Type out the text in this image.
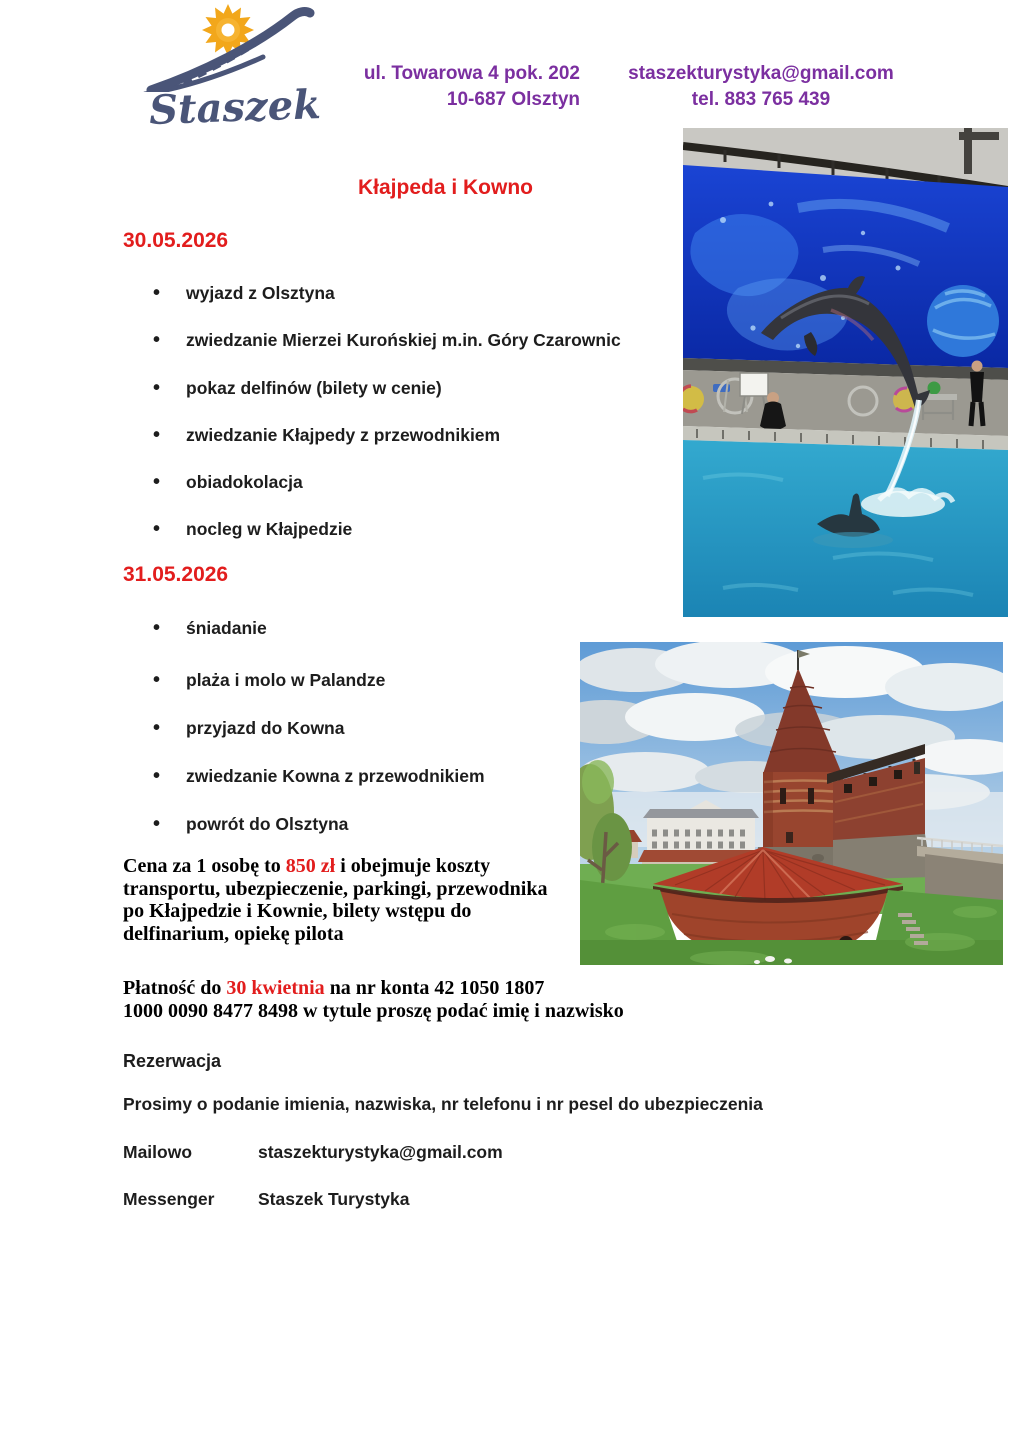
Staszek
ul. Towarowa 4 pok. 202
10-687 Olsztyn
staszekturystyka@gmail.com
tel. 883 765 439
Kłajpeda i Kowno
30.05.2026
• wyjazd z Olsztyna
• zwiedzanie Mierzei Kurońskiej m.in. Góry Czarownic
• pokaz delfinów (bilety w cenie)
• zwiedzanie Kłajpedy z przewodnikiem
• obiadokolacja
• nocleg w Kłajpedzie
31.05.2026
• śniadanie
• plaża i molo w Palandze
• przyjazd do Kowna
• zwiedzanie Kowna z przewodnikiem
• powrót do Olsztyna
Cena za 1 osobę to 850 zł i obejmuje koszty
transportu, ubezpieczenie, parkingi, przewodnika
po Kłajpedzie i Kownie, bilety wstępu do
delfinarium, opiekę pilota
Płatność do 30 kwietnia na nr konta 42 1050 1807
1000 0090 8477 8498 w tytule proszę podać imię i nazwisko
Rezerwacja
Prosimy o podanie imienia, nazwiska, nr telefonu i nr pesel do ubezpieczenia
Mailowo	staszekturystyka@gmail.com
Messenger Staszek Turystyka
